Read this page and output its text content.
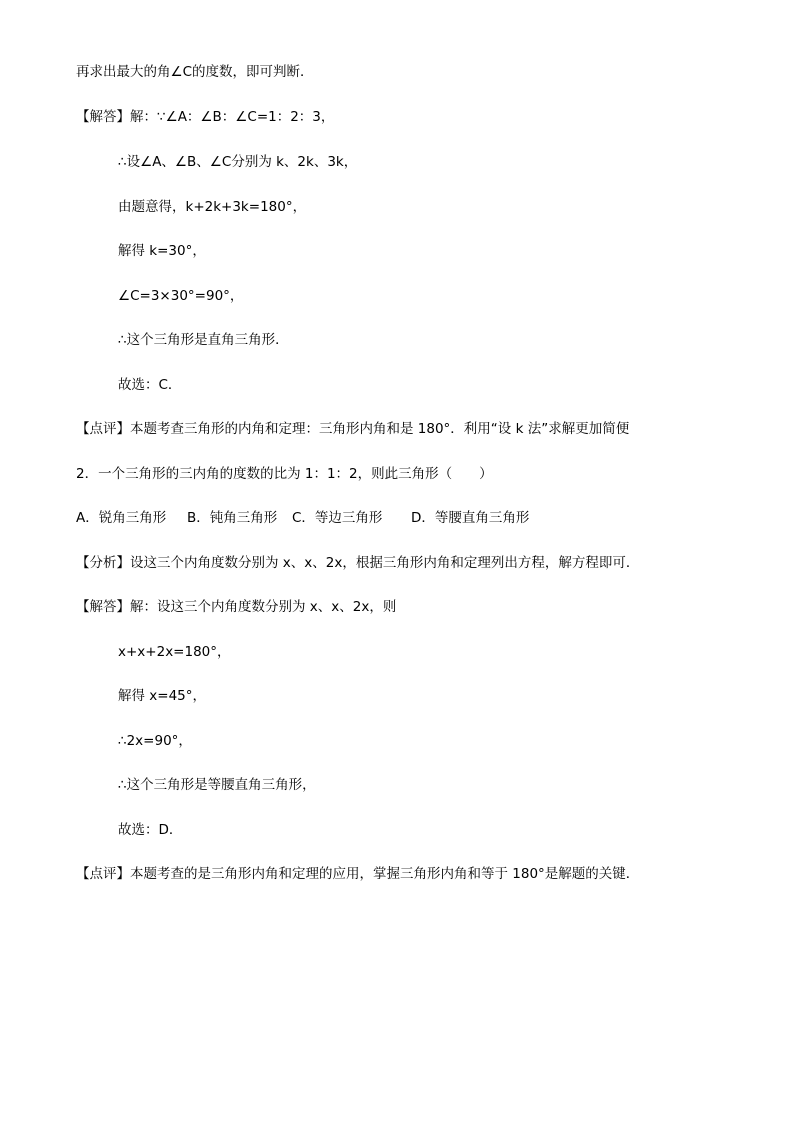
再求出最大的角∠C的度数，即可判断．
【解答】解：∵∠A：∠B：∠C=1：2：3，
∴设∠A、∠B、∠C分别为 k、2k、3k，
由题意得，k+2k+3k=180°，
解得 k=30°，
∠C=3×30°=90°，
∴这个三角形是直角三角形．
故选：C．
【点评】本题考查三角形的内角和定理：三角形内角和是 180°．利用“设 k 法”求解更加简便
2．一个三角形的三内角的度数的比为 1：1：2，则此三角形（　　）
A．锐角三角形 B．钝角三角形 C．等边三角形 D．等腰直角三角形
【分析】设这三个内角度数分别为 x、x、2x，根据三角形内角和定理列出方程，解方程即可．
【解答】解：设这三个内角度数分别为 x、x、2x，则
x+x+2x=180°，
解得 x=45°，
∴2x=90°，
∴这个三角形是等腰直角三角形，
故选：D．
【点评】本题考查的是三角形内角和定理的应用，掌握三角形内角和等于 180°是解题的关键．
